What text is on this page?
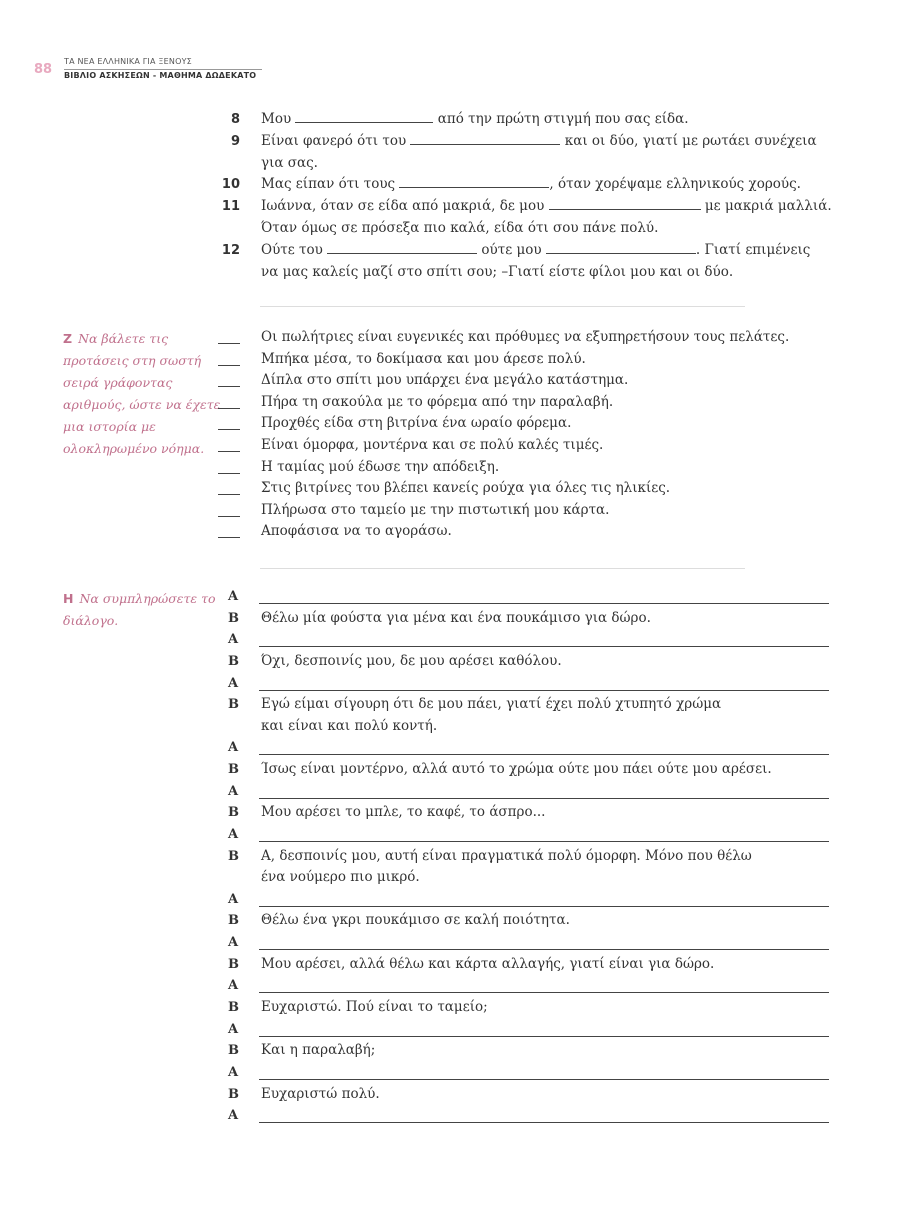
88
ΤΑ ΝΕΑ ΕΛΛΗΝΙΚΑ ΓΙΑ ΞΕΝΟΥΣ
ΒΙΒΛΙΟ ΑΣΚΗΣΕΩΝ - ΜΑΘΗΜΑ ΔΩΔΕΚΑΤΟ
8 Μου	από την πρώτη στιγμή που σας είδα.
9 Είναι φανερό ότι του	και οι δύο, γιατί με ρωτάει συνέχεια
για σας.
10 Μας είπαν ότι τους	, όταν χορέψαμε ελληνικούς χορούς.
11 Ιωάννα, όταν σε είδα από μακριά, δε μου	με μακριά μαλλιά.
Όταν όμως σε πρόσεξα πιο καλά, είδα ότι σου πάνε πολύ.
12 Ούτε του	ούτε μου	. Γιατί επιμένεις
να μας καλείς μαζί στο σπίτι σου; –Γιατί είστε φίλοι μου και οι δύο.
Ζ Να βάλετε τις προτάσεις στη σωστή σειρά γράφοντας αριθμούς, ώστε να έχετε μια ιστορία με ολοκληρωμένο νόημα.
Οι πωλήτριες είναι ευγενικές και πρόθυμες να εξυπηρετήσουν τους πελάτες.
Μπήκα μέσα, το δοκίμασα και μου άρεσε πολύ.
Δίπλα στο σπίτι μου υπάρχει ένα μεγάλο κατάστημα.
Πήρα τη σακούλα με το φόρεμα από την παραλαβή.
Προχθές είδα στη βιτρίνα ένα ωραίο φόρεμα.
Είναι όμορφα, μοντέρνα και σε πολύ καλές τιμές.
Η ταμίας μού έδωσε την απόδειξη.
Στις βιτρίνες του βλέπει κανείς ρούχα για όλες τις ηλικίες.
Πλήρωσα στο ταμείο με την πιστωτική μου κάρτα.
Αποφάσισα να το αγοράσω.
Η Να συμπληρώσετε το διάλογο.
Α
Β Θέλω μία φούστα για μένα και ένα πουκάμισο για δώρο.
Α
Β Όχι, δεσποινίς μου, δε μου αρέσει καθόλου.
Α
Β Εγώ είμαι σίγουρη ότι δε μου πάει, γιατί έχει πολύ χτυπητό χρώμα
και είναι και πολύ κοντή.
Α
Β Ίσως είναι μοντέρνο, αλλά αυτό το χρώμα ούτε μου πάει ούτε μου αρέσει.
Α
Β Μου αρέσει το μπλε, το καφέ, το άσπρο...
Α
Β Α, δεσποινίς μου, αυτή είναι πραγματικά πολύ όμορφη. Μόνο που θέλω
ένα νούμερο πιο μικρό.
Α
Β Θέλω ένα γκρι πουκάμισο σε καλή ποιότητα.
Α
Β Μου αρέσει, αλλά θέλω και κάρτα αλλαγής, γιατί είναι για δώρο.
Α
Β Ευχαριστώ. Πού είναι το ταμείο;
Α
Β Και η παραλαβή;
Α
Β Ευχαριστώ πολύ.
Α
